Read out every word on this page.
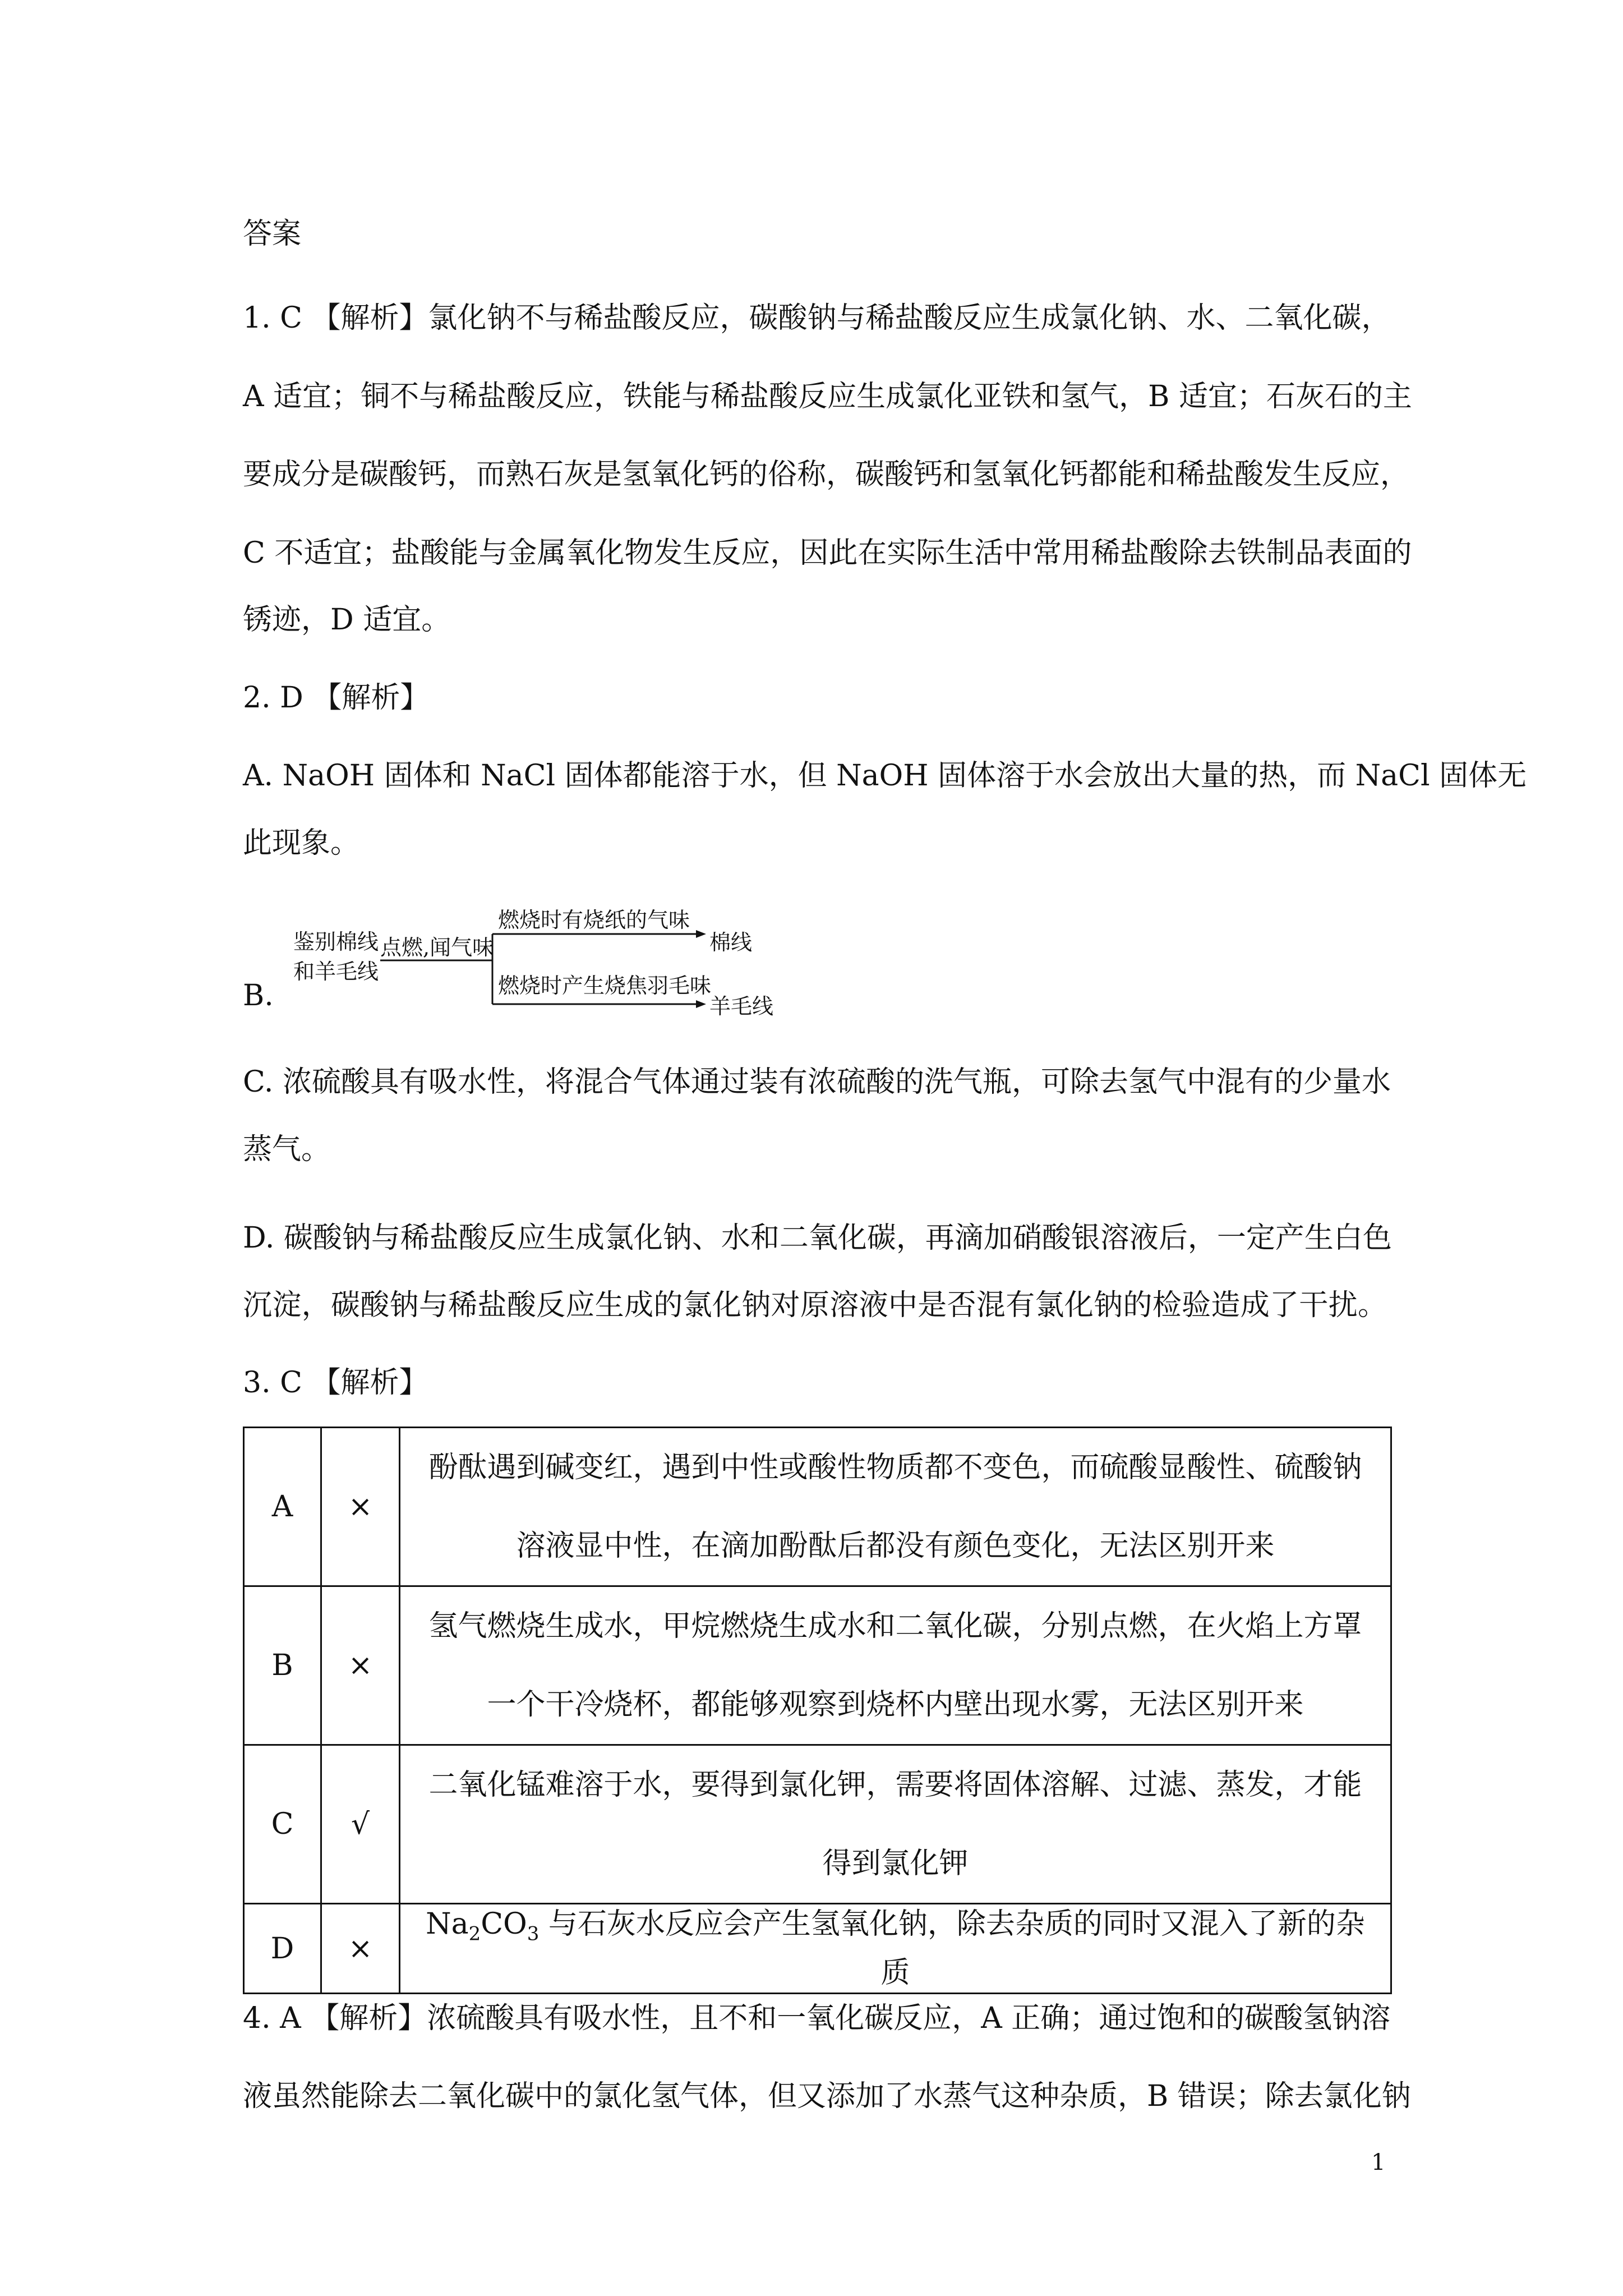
答案
1. C 【解析】氯化钠不与稀盐酸反应，碳酸钠与稀盐酸反应生成氯化钠、水、二氧化碳，
A 适宜；铜不与稀盐酸反应，铁能与稀盐酸反应生成氯化亚铁和氢气，B 适宜；石灰石的主
要成分是碳酸钙，而熟石灰是氢氧化钙的俗称，碳酸钙和氢氧化钙都能和稀盐酸发生反应，
C 不适宜；盐酸能与金属氧化物发生反应，因此在实际生活中常用稀盐酸除去铁制品表面的
锈迹，D 适宜。
2. D 【解析】
A. NaOH 固体和 NaCl 固体都能溶于水，但 NaOH 固体溶于水会放出大量的热，而 NaCl 固体无
此现象。
B.
鉴别棉线
和羊毛线
点燃,闻气味
燃烧时有烧纸的气味
棉线
燃烧时产生烧焦羽毛味
羊毛线
C. 浓硫酸具有吸水性，将混合气体通过装有浓硫酸的洗气瓶，可除去氢气中混有的少量水
蒸气。
D. 碳酸钠与稀盐酸反应生成氯化钠、水和二氧化碳，再滴加硝酸银溶液后，一定产生白色
沉淀，碳酸钠与稀盐酸反应生成的氯化钠对原溶液中是否混有氯化钠的检验造成了干扰。
3. C 【解析】
A	×	酚酞遇到碱变红，遇到中性或酸性物质都不变色，而硫酸显酸性、硫酸钠溶液显中性，在滴加酚酞后都没有颜色变化，无法区别开来
B	×	氢气燃烧生成水，甲烷燃烧生成水和二氧化碳，分别点燃，在火焰上方罩一个干冷烧杯，都能够观察到烧杯内壁出现水雾，无法区别开来
C	√	二氧化锰难溶于水，要得到氯化钾，需要将固体溶解、过滤、蒸发，才能得到氯化钾
D	×	$Na_2CO_3$ 与石灰水反应会产生氢氧化钠，除去杂质的同时又混入了新的杂质
4. A 【解析】浓硫酸具有吸水性，且不和一氧化碳反应，A 正确；通过饱和的碳酸氢钠溶
液虽然能除去二氧化碳中的氯化氢气体，但又添加了水蒸气这种杂质，B 错误；除去氯化钠
1
